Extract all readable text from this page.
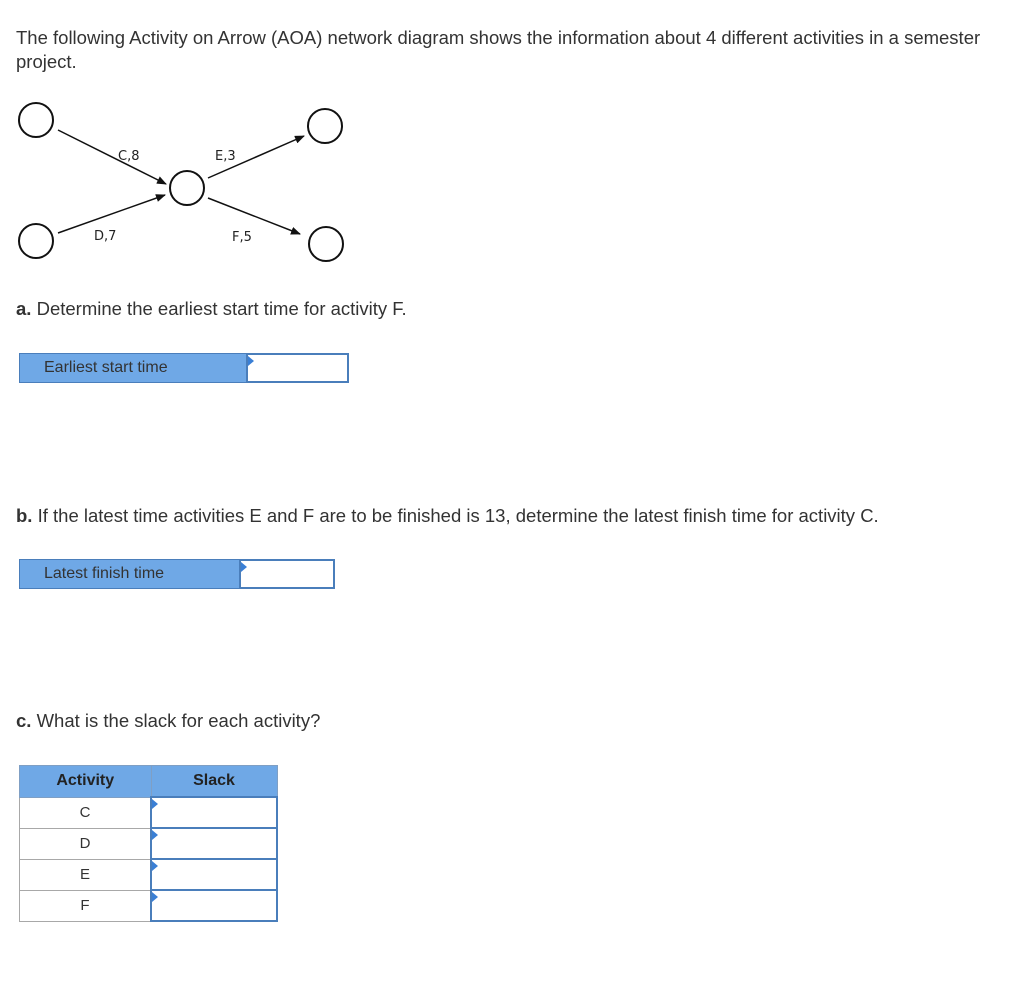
The following Activity on Arrow (AOA) network diagram shows the information about 4 different activities in a semester project.
C,8
D,7
E,3
F,5
a. Determine the earliest start time for activity F.
Earliest start time
b. If the latest time activities E and F are to be finished is 13, determine the latest finish time for activity C.
Latest finish time
c. What is the slack for each activity?
Activity	Slack
C	

D	

E	

F	
